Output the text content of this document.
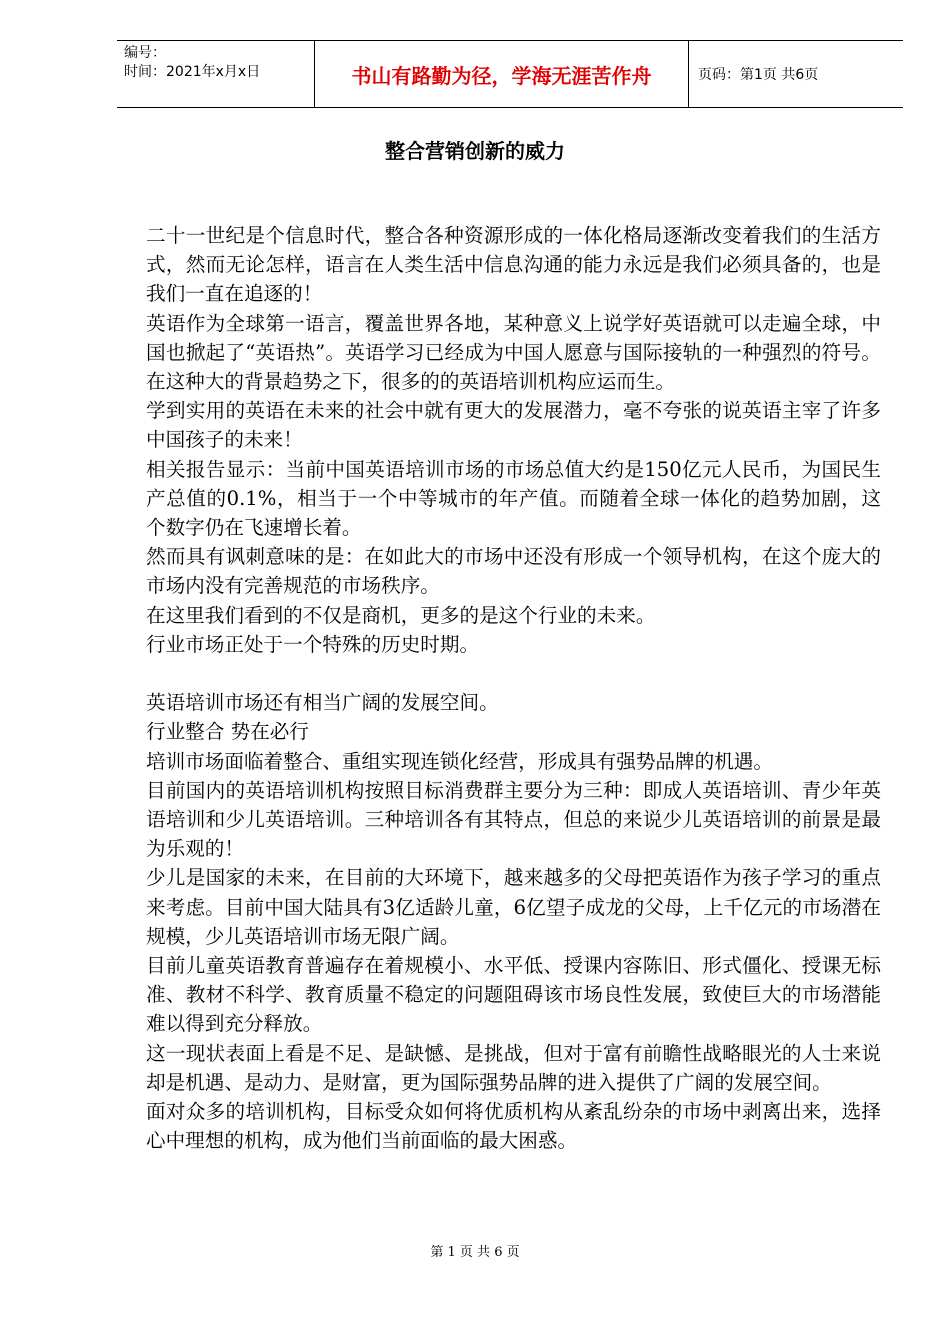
编号：
时间：2021年x月x日	书山有路勤为径，学海无涯苦作舟	页码：第1页 共6页
整合营销创新的威力

二十一世纪是个信息时代，整合各种资源形成的一体化格局逐渐改变着我们的生活方式，然而无论怎样，语言在人类生活中信息沟通的能力永远是我们必须具备的，也是我们一直在追逐的！

英语作为全球第一语言，覆盖世界各地，某种意义上说学好英语就可以走遍全球，中国也掀起了“英语热”。英语学习已经成为中国人愿意与国际接轨的一种强烈的符号。在这种大的背景趋势之下，很多的的英语培训机构应运而生。

学到实用的英语在未来的社会中就有更大的发展潜力，毫不夸张的说英语主宰了许多中国孩子的未来！

相关报告显示：当前中国英语培训市场的市场总值大约是150亿元人民币，为国民生产总值的0.1%，相当于一个中等城市的年产值。而随着全球一体化的趋势加剧，这个数字仍在飞速增长着。

然而具有讽刺意味的是：在如此大的市场中还没有形成一个领导机构，在这个庞大的市场内没有完善规范的市场秩序。

在这里我们看到的不仅是商机，更多的是这个行业的未来。

行业市场正处于一个特殊的历史时期。

英语培训市场还有相当广阔的发展空间。

行业整合 势在必行

培训市场面临着整合、重组实现连锁化经营，形成具有强势品牌的机遇。

目前国内的英语培训机构按照目标消费群主要分为三种：即成人英语培训、青少年英语培训和少儿英语培训。三种培训各有其特点，但总的来说少儿英语培训的前景是最为乐观的！

少儿是国家的未来，在目前的大环境下，越来越多的父母把英语作为孩子学习的重点来考虑。目前中国大陆具有3亿适龄儿童，6亿望子成龙的父母，上千亿元的市场潜在规模，少儿英语培训市场无限广阔。

目前儿童英语教育普遍存在着规模小、水平低、授课内容陈旧、形式僵化、授课无标准、教材不科学、教育质量不稳定的问题阻碍该市场良性发展，致使巨大的市场潜能难以得到充分释放。

这一现状表面上看是不足、是缺憾、是挑战，但对于富有前瞻性战略眼光的人士来说却是机遇、是动力、是财富，更为国际强势品牌的进入提供了广阔的发展空间。

面对众多的培训机构，目标受众如何将优质机构从紊乱纷杂的市场中剥离出来，选择心中理想的机构，成为他们当前面临的最大困惑。

第 1 页 共 6 页
